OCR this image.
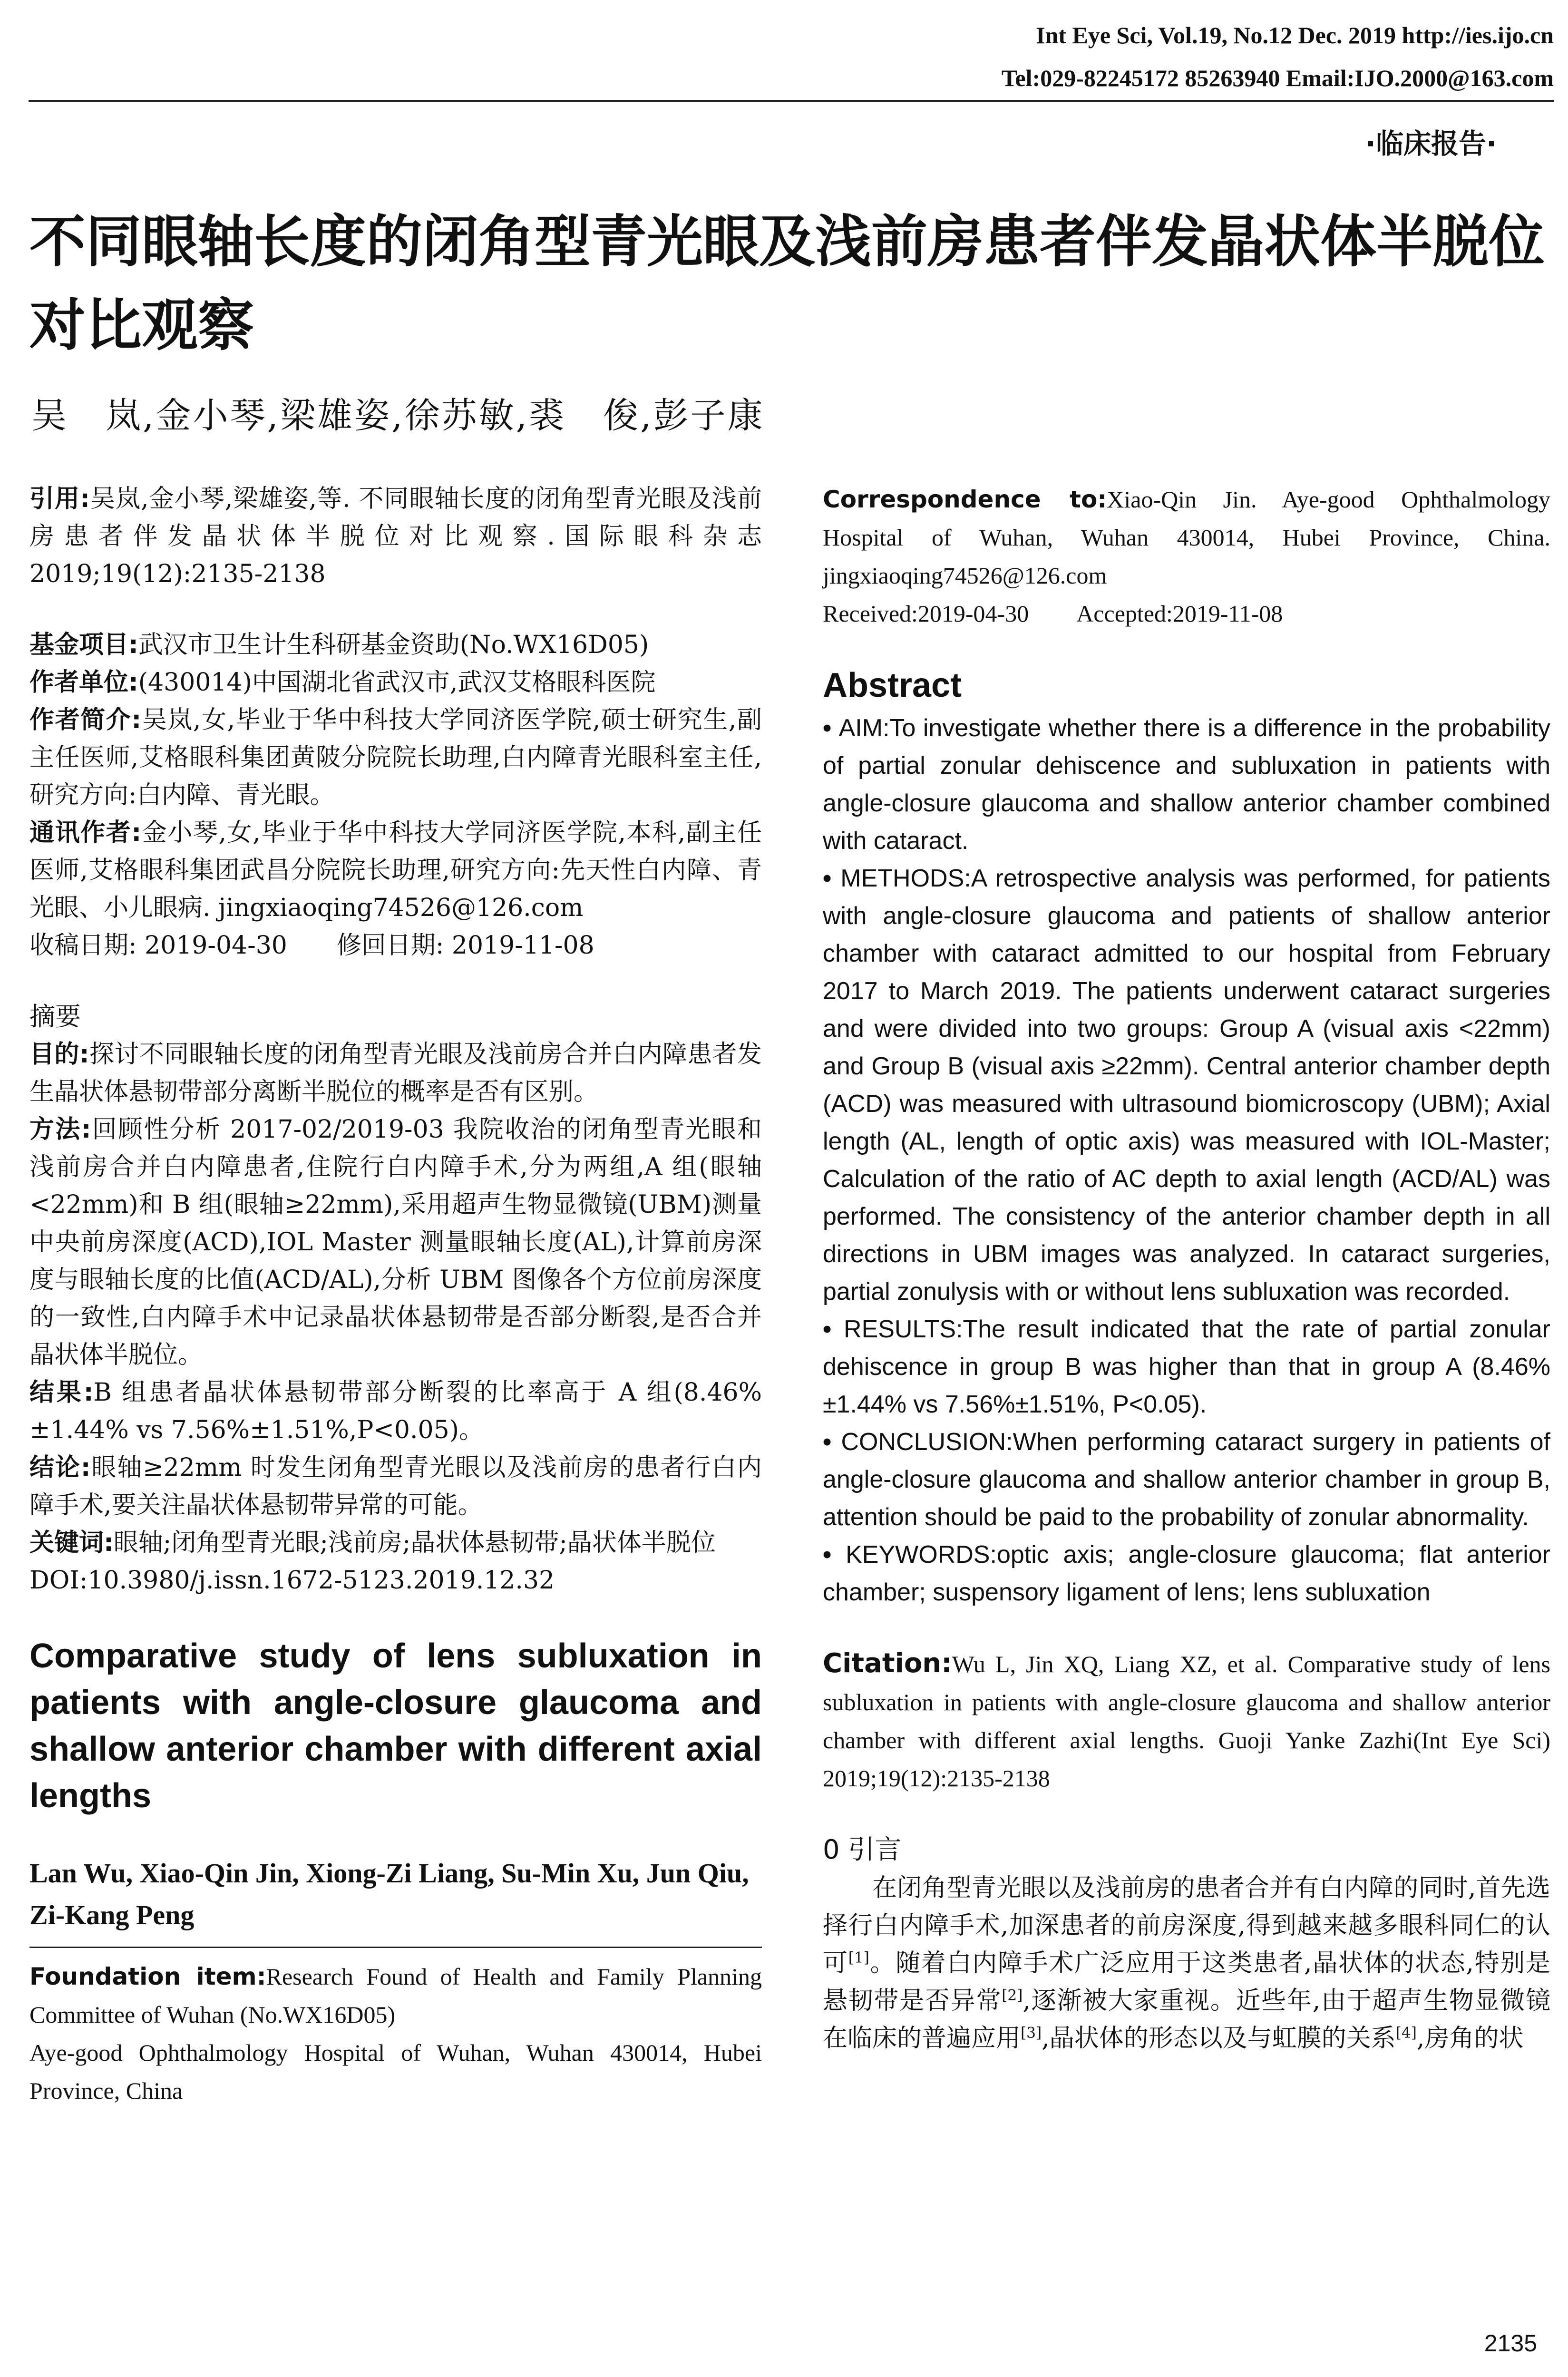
Int Eye Sci, Vol.19, No.12 Dec. 2019 http://ies.ijo.cn
Tel:029-82245172 85263940 Email:IJO.2000@163.com
·临床报告·
不同眼轴长度的闭角型青光眼及浅前房患者伴发晶状体半脱位对比观察
吴　岚,金小琴,梁雄姿,徐苏敏,裘　俊,彭子康

引用:吴岚,金小琴,梁雄姿,等. 不同眼轴长度的闭角型青光眼及浅前房患者伴发晶状体半脱位对比观察.国际眼科杂志 2019;19(12):2135-2138

基金项目:武汉市卫生计生科研基金资助(No.WX16D05)

作者单位:(430014)中国湖北省武汉市,武汉艾格眼科医院

作者简介:吴岚,女,毕业于华中科技大学同济医学院,硕士研究生,副主任医师,艾格眼科集团黄陂分院院长助理,白内障青光眼科室主任,研究方向:白内障、青光眼。

通讯作者:金小琴,女,毕业于华中科技大学同济医学院,本科,副主任医师,艾格眼科集团武昌分院院长助理,研究方向:先天性白内障、青光眼、小儿眼病. jingxiaoqing74526@126.com

收稿日期: 2019-04-30　　修回日期: 2019-11-08

摘要

目的:探讨不同眼轴长度的闭角型青光眼及浅前房合并白内障患者发生晶状体悬韧带部分离断半脱位的概率是否有区别。

方法:回顾性分析 2017-02/2019-03 我院收治的闭角型青光眼和浅前房合并白内障患者,住院行白内障手术,分为两组,A 组(眼轴<22mm)和 B 组(眼轴≥22mm),采用超声生物显微镜(UBM)测量中央前房深度(ACD),IOL Master 测量眼轴长度(AL),计算前房深度与眼轴长度的比值(ACD/AL),分析 UBM 图像各个方位前房深度的一致性,白内障手术中记录晶状体悬韧带是否部分断裂,是否合并晶状体半脱位。

结果:B 组患者晶状体悬韧带部分断裂的比率高于 A 组(8.46%±1.44% vs 7.56%±1.51%,P<0.05)。

结论:眼轴≥22mm 时发生闭角型青光眼以及浅前房的患者行白内障手术,要关注晶状体悬韧带异常的可能。

关键词:眼轴;闭角型青光眼;浅前房;晶状体悬韧带;晶状体半脱位

DOI:10.3980/j.issn.1672-5123.2019.12.32

Comparative study of lens subluxation in patients with angle-closure glaucoma and shallow anterior chamber with different axial lengths

Lan Wu, Xiao-Qin Jin, Xiong-Zi Liang, Su-Min Xu, Jun Qiu, Zi-Kang Peng

Foundation item:Research Found of Health and Family Planning Committee of Wuhan (No.WX16D05)

Aye-good Ophthalmology Hospital of Wuhan, Wuhan 430014, Hubei Province, China

Correspondence to:Xiao-Qin Jin. Aye-good Ophthalmology Hospital of Wuhan, Wuhan 430014, Hubei Province, China. jingxiaoqing74526@126.com

Received:2019-04-30　　Accepted:2019-11-08

Abstract

• AIM:To investigate whether there is a difference in the probability of partial zonular dehiscence and subluxation in patients with angle-closure glaucoma and shallow anterior chamber combined with cataract.

• METHODS:A retrospective analysis was performed, for patients with angle-closure glaucoma and patients of shallow anterior chamber with cataract admitted to our hospital from February 2017 to March 2019. The patients underwent cataract surgeries and were divided into two groups: Group A (visual axis <22mm) and Group B (visual axis ≥22mm). Central anterior chamber depth (ACD) was measured with ultrasound biomicroscopy (UBM); Axial length (AL, length of optic axis) was measured with IOL-Master; Calculation of the ratio of AC depth to axial length (ACD/AL) was performed. The consistency of the anterior chamber depth in all directions in UBM images was analyzed. In cataract surgeries, partial zonulysis with or without lens subluxation was recorded.

• RESULTS:The result indicated that the rate of partial zonular dehiscence in group B was higher than that in group A (8.46%±1.44% vs 7.56%±1.51%, P<0.05).

• CONCLUSION:When performing cataract surgery in patients of angle-closure glaucoma and shallow anterior chamber in group B, attention should be paid to the probability of zonular abnormality.

• KEYWORDS:optic axis; angle-closure glaucoma; flat anterior chamber; suspensory ligament of lens; lens subluxation

Citation:Wu L, Jin XQ, Liang XZ, et al. Comparative study of lens subluxation in patients with angle-closure glaucoma and shallow anterior chamber with different axial lengths. Guoji Yanke Zazhi(Int Eye Sci) 2019;19(12):2135-2138

0 引言

在闭角型青光眼以及浅前房的患者合并有白内障的同时,首先选择行白内障手术,加深患者的前房深度,得到越来越多眼科同仁的认可[1]。随着白内障手术广泛应用于这类患者,晶状体的状态,特别是悬韧带是否异常[2],逐渐被大家重视。近些年,由于超声生物显微镜在临床的普遍应用[3],晶状体的形态以及与虹膜的关系[4],房角的状

2135
